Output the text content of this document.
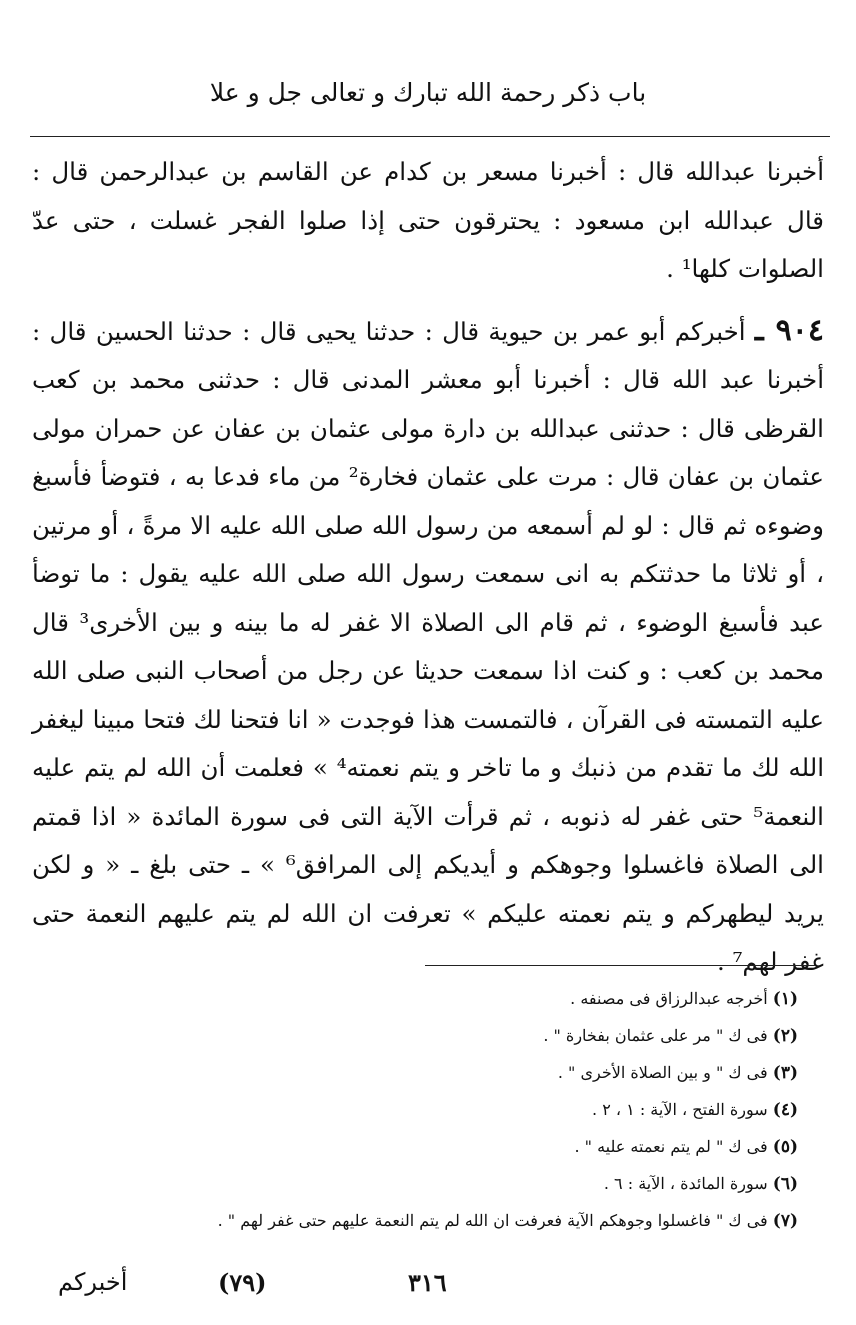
باب ذكر رحمة الله تبارك و تعالى جل و علا

أخبرنا عبدالله قال : أخبرنا مسعر بن كدام عن القاسم بن عبدالرحمن قال : قال عبدالله ابن مسعود : يحترقون حتى إذا صلوا الفجر غسلت ، حتى عدّ الصلوات كلها¹ .

٩٠٤ ـ أخبركم أبو عمر بن حيوية قال : حدثنا يحيى قال : حدثنا الحسين قال : أخبرنا عبد الله قال : أخبرنا أبو معشر المدنى قال : حدثنى محمد بن كعب القرظى قال : حدثنى عبدالله بن دارة مولى عثمان بن عفان عن حمران مولى عثمان بن عفان قال : مرت على عثمان فخارة² من ماء فدعا به ، فتوضأ فأسبغ وضوءه ثم قال : لو لم أسمعه من رسول الله صلى الله عليه الا مرةً ، أو مرتين ، أو ثلاثا ما حدثتكم به انى سمعت رسول الله صلى الله عليه يقول : ما توضأ عبد فأسبغ الوضوء ، ثم قام الى الصلاة الا غفر له ما بينه و بين الأخرى³ قال محمد بن كعب : و كنت اذا سمعت حديثا عن رجل من أصحاب النبى صلى الله عليه التمسته فى القرآن ، فالتمست هذا فوجدت « انا فتحنا لك فتحا مبينا ليغفر الله لك ما تقدم من ذنبك و ما تاخر و يتم نعمته⁴ » فعلمت أن الله لم يتم عليه النعمة⁵ حتى غفر له ذنوبه ، ثم قرأت الآية التى فى سورة المائدة « اذا قمتم الى الصلاة فاغسلوا وجوهكم و أيديكم إلى المرافق⁶ » ـ حتى بلغ ـ « و لكن يريد ليطهركم و يتم نعمته عليكم » تعرفت ان الله لم يتم عليهم النعمة حتى غفر لهم⁷ .

(١) أخرجه عبدالرزاق فى مصنفه .
(٢) فى ك " مر على عثمان بفخارة " .
(٣) فى ك " و بين الصلاة الأخرى " .
(٤) سورة الفتح ، الآية : ١ ، ٢ .
(٥) فى ك " لم يتم نعمته عليه " .
(٦) سورة المائدة ، الآية : ٦ .
(٧) فى ك " فاغسلوا وجوهكم الآية فعرفت ان الله لم يتم النعمة عليهم حتى غفر لهم " .
أخبركم	(٧٩)	٣١٦
